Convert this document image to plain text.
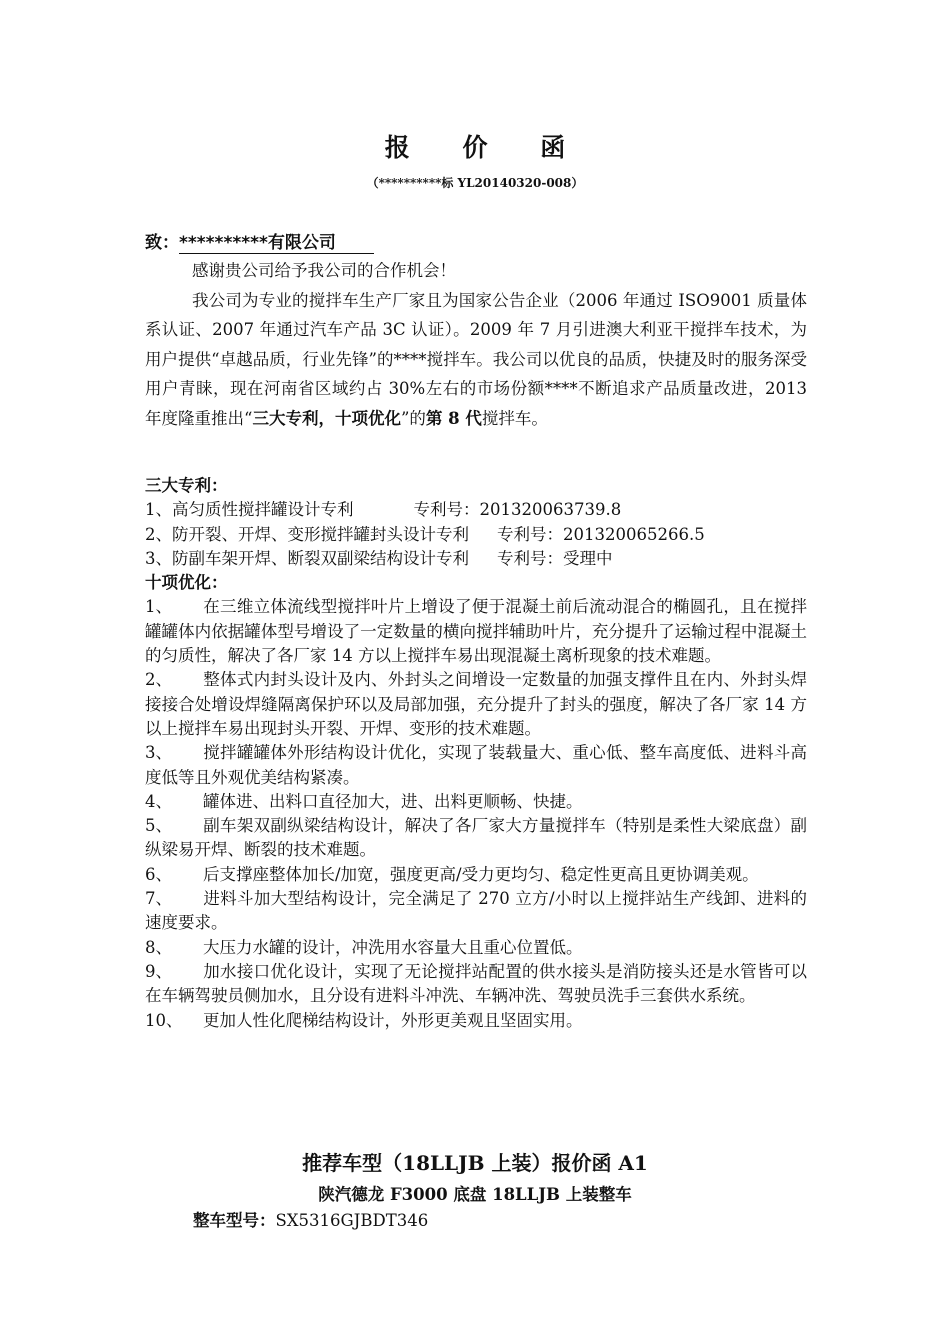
报 价 函
（**********标 YL20140320-008）
致：**********有限公司

感谢贵公司给予我公司的合作机会！

我公司为专业的搅拌车生产厂家且为国家公告企业（2006 年通过 ISO9001 质量体系认证、2007 年通过汽车产品 3C 认证）。2009 年 7 月引进澳大利亚干搅拌车技术，为用户提供“卓越品质，行业先锋”的****搅拌车。我公司以优良的品质，快捷及时的服务深受用户青睐，现在河南省区域约占 30%左右的市场份额****不断追求产品质量改进，2013 年度隆重推出“三大专利，十项优化”的第 8 代搅拌车。

三大专利：
1、高匀质性搅拌罐设计专利	专利号：201320063739.8
2、防开裂、开焊、变形搅拌罐封头设计专利 专利号：201320065266.5
3、防副车架开焊、断裂双副梁结构设计专利 专利号：受理中
十项优化：

1、 在三维立体流线型搅拌叶片上增设了便于混凝土前后流动混合的椭圆孔，且在搅拌罐罐体内依据罐体型号增设了一定数量的横向搅拌辅助叶片，充分提升了运输过程中混凝土的匀质性，解决了各厂家 14 方以上搅拌车易出现混凝土离析现象的技术难题。

2、 整体式内封头设计及内、外封头之间增设一定数量的加强支撑件且在内、外封头焊接接合处增设焊缝隔离保护环以及局部加强，充分提升了封头的强度，解决了各厂家 14 方以上搅拌车易出现封头开裂、开焊、变形的技术难题。

3、 搅拌罐罐体外形结构设计优化，实现了装载量大、重心低、整车高度低、进料斗高度低等且外观优美结构紧凑。

4、 罐体进、出料口直径加大，进、出料更顺畅、快捷。

5、 副车架双副纵梁结构设计，解决了各厂家大方量搅拌车（特别是柔性大梁底盘）副纵梁易开焊、断裂的技术难题。

6、 后支撑座整体加长/加宽，强度更高/受力更均匀、稳定性更高且更协调美观。

7、 进料斗加大型结构设计，完全满足了 270 立方/小时以上搅拌站生产线卸、进料的速度要求。

8、 大压力水罐的设计，冲洗用水容量大且重心位置低。

9、 加水接口优化设计，实现了无论搅拌站配置的供水接头是消防接头还是水管皆可以在车辆驾驶员侧加水，且分设有进料斗冲洗、车辆冲洗、驾驶员洗手三套供水系统。

10、 更加人性化爬梯结构设计，外形更美观且坚固实用。

推荐车型（18LLJB 上装）报价函 A1
陕汽德龙 F3000 底盘 18LLJB 上装整车
整车型号：SX5316GJBDT346
